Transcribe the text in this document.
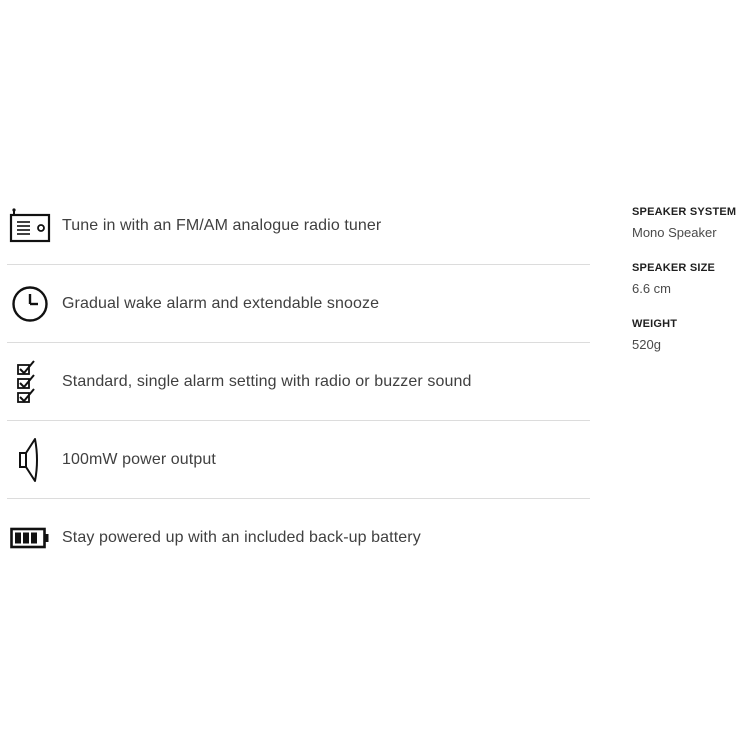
Tune in with an FM/AM analogue radio tuner
Gradual wake alarm and extendable snooze
Standard, single alarm setting with radio or buzzer sound
100mW power output
Stay powered up with an included back-up battery
SPEAKER SYSTEM
Mono Speaker
SPEAKER SIZE
6.6 cm
WEIGHT
520g
